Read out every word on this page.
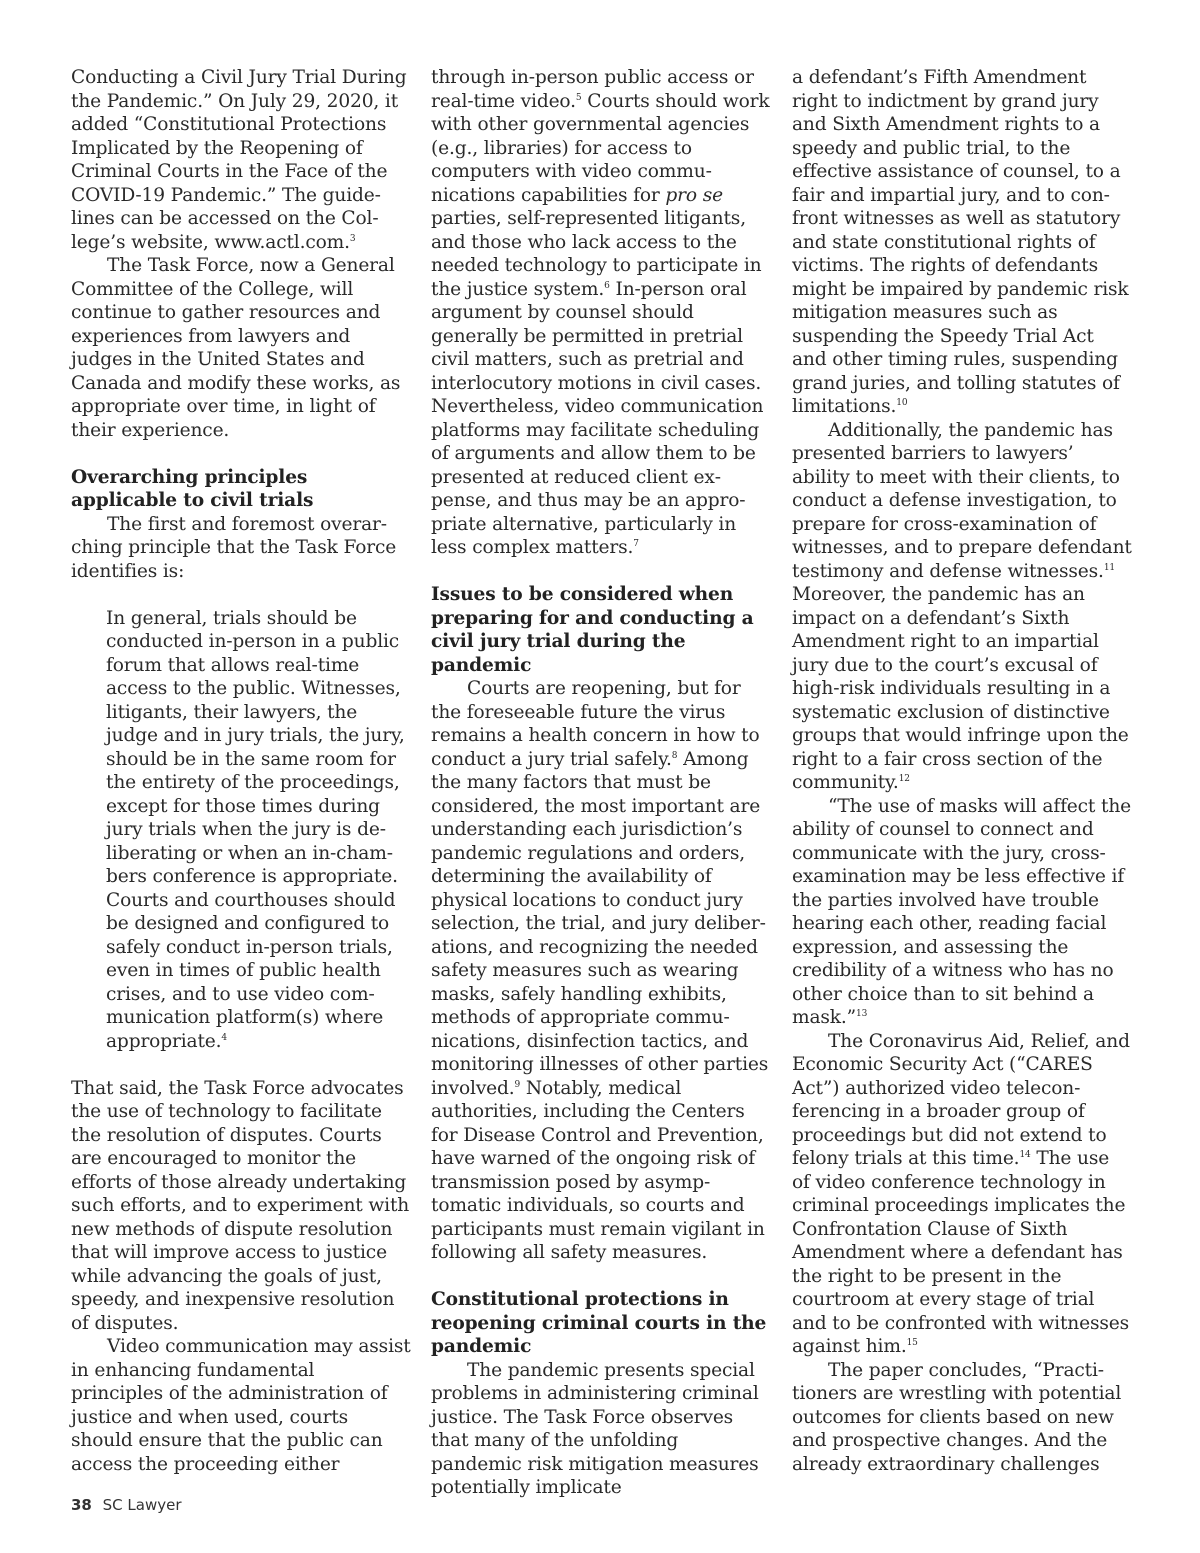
Conducting a Civil Jury Trial During the Pandemic.” On July 29, 2020, it added “Constitutional Protections Implicated by the Reopening of Criminal Courts in the Face of the COVID-19 Pandemic.” The guidelines can be accessed on the College’s website, www.actl.com.$^3$

The Task Force, now a General Committee of the College, will continue to gather resources and experiences from lawyers and judges in the United States and Canada and modify these works, as appropriate over time, in light of their experience.

Overarching principles applicable to civil trials

The first and foremost overarching principle that the Task Force identifies is:

In general, trials should be conducted in-person in a public forum that allows real-time access to the public. Witnesses, litigants, their lawyers, the judge and in jury trials, the jury, should be in the same room for the entirety of the proceedings, except for those times during jury trials when the jury is deliberating or when an in-chambers conference is appropriate. Courts and courthouses should be designed and configured to safely conduct in-person trials, even in times of public health crises, and to use video communication platform(s) where appropriate.$^4$

That said, the Task Force advocates the use of technology to facilitate the resolution of disputes. Courts are encouraged to monitor the efforts of those already undertaking such efforts, and to experiment with new methods of dispute resolution that will improve access to justice while advancing the goals of just, speedy, and inexpensive resolution of disputes.

Video communication may assist in enhancing fundamental principles of the administration of justice and when used, courts should ensure that the public can access the proceeding either

through in-person public access or real-time video.$^5$ Courts should work with other governmental agencies (e.g., libraries) for access to computers with video communications capabilities for pro se parties, self-represented litigants, and those who lack access to the needed technology to participate in the justice system.$^6$ In-person oral argument by counsel should generally be permitted in pretrial civil matters, such as pretrial and interlocutory motions in civil cases. Nevertheless, video communication platforms may facilitate scheduling of arguments and allow them to be presented at reduced client expense, and thus may be an appropriate alternative, particularly in less complex matters.$^7$

Issues to be considered when preparing for and conducting a civil jury trial during the pandemic

Courts are reopening, but for the foreseeable future the virus remains a health concern in how to conduct a jury trial safely.$^8$ Among the many factors that must be considered, the most important are understanding each jurisdiction’s pandemic regulations and orders, determining the availability of physical locations to conduct jury selection, the trial, and jury deliberations, and recognizing the needed safety measures such as wearing masks, safely handling exhibits, methods of appropriate communications, disinfection tactics, and monitoring illnesses of other parties involved.$^9$ Notably, medical authorities, including the Centers for Disease Control and Prevention, have warned of the ongoing risk of transmission posed by asymptomatic individuals, so courts and participants must remain vigilant in following all safety measures.

Constitutional protections in reopening criminal courts in the pandemic

The pandemic presents special problems in administering criminal justice. The Task Force observes that many of the unfolding pandemic risk mitigation measures potentially implicate

a defendant’s Fifth Amendment right to indictment by grand jury and Sixth Amendment rights to a speedy and public trial, to the effective assistance of counsel, to a fair and impartial jury, and to confront witnesses as well as statutory and state constitutional rights of victims. The rights of defendants might be impaired by pandemic risk mitigation measures such as suspending the Speedy Trial Act and other timing rules, suspending grand juries, and tolling statutes of limitations.$^{10}$

Additionally, the pandemic has presented barriers to lawyers’ ability to meet with their clients, to conduct a defense investigation, to prepare for cross-examination of witnesses, and to prepare defendant testimony and defense witnesses.$^{11}$ Moreover, the pandemic has an impact on a defendant’s Sixth Amendment right to an impartial jury due to the court’s excusal of high-risk individuals resulting in a systematic exclusion of distinctive groups that would infringe upon the right to a fair cross section of the community.$^{12}$

“The use of masks will affect the ability of counsel to connect and communicate with the jury, cross-examination may be less effective if the parties involved have trouble hearing each other, reading facial expression, and assessing the credibility of a witness who has no other choice than to sit behind a mask.”$^{13}$

The Coronavirus Aid, Relief, and Economic Security Act (“CARES Act”) authorized video teleconferencing in a broader group of proceedings but did not extend to felony trials at this time.$^{14}$ The use of video conference technology in criminal proceedings implicates the Confrontation Clause of Sixth Amendment where a defendant has the right to be present in the courtroom at every stage of trial and to be confronted with witnesses against him.$^{15}$

The paper concludes, “Practitioners are wrestling with potential outcomes for clients based on new and prospective changes. And the already extraordinary challenges

38 SC Lawyer
